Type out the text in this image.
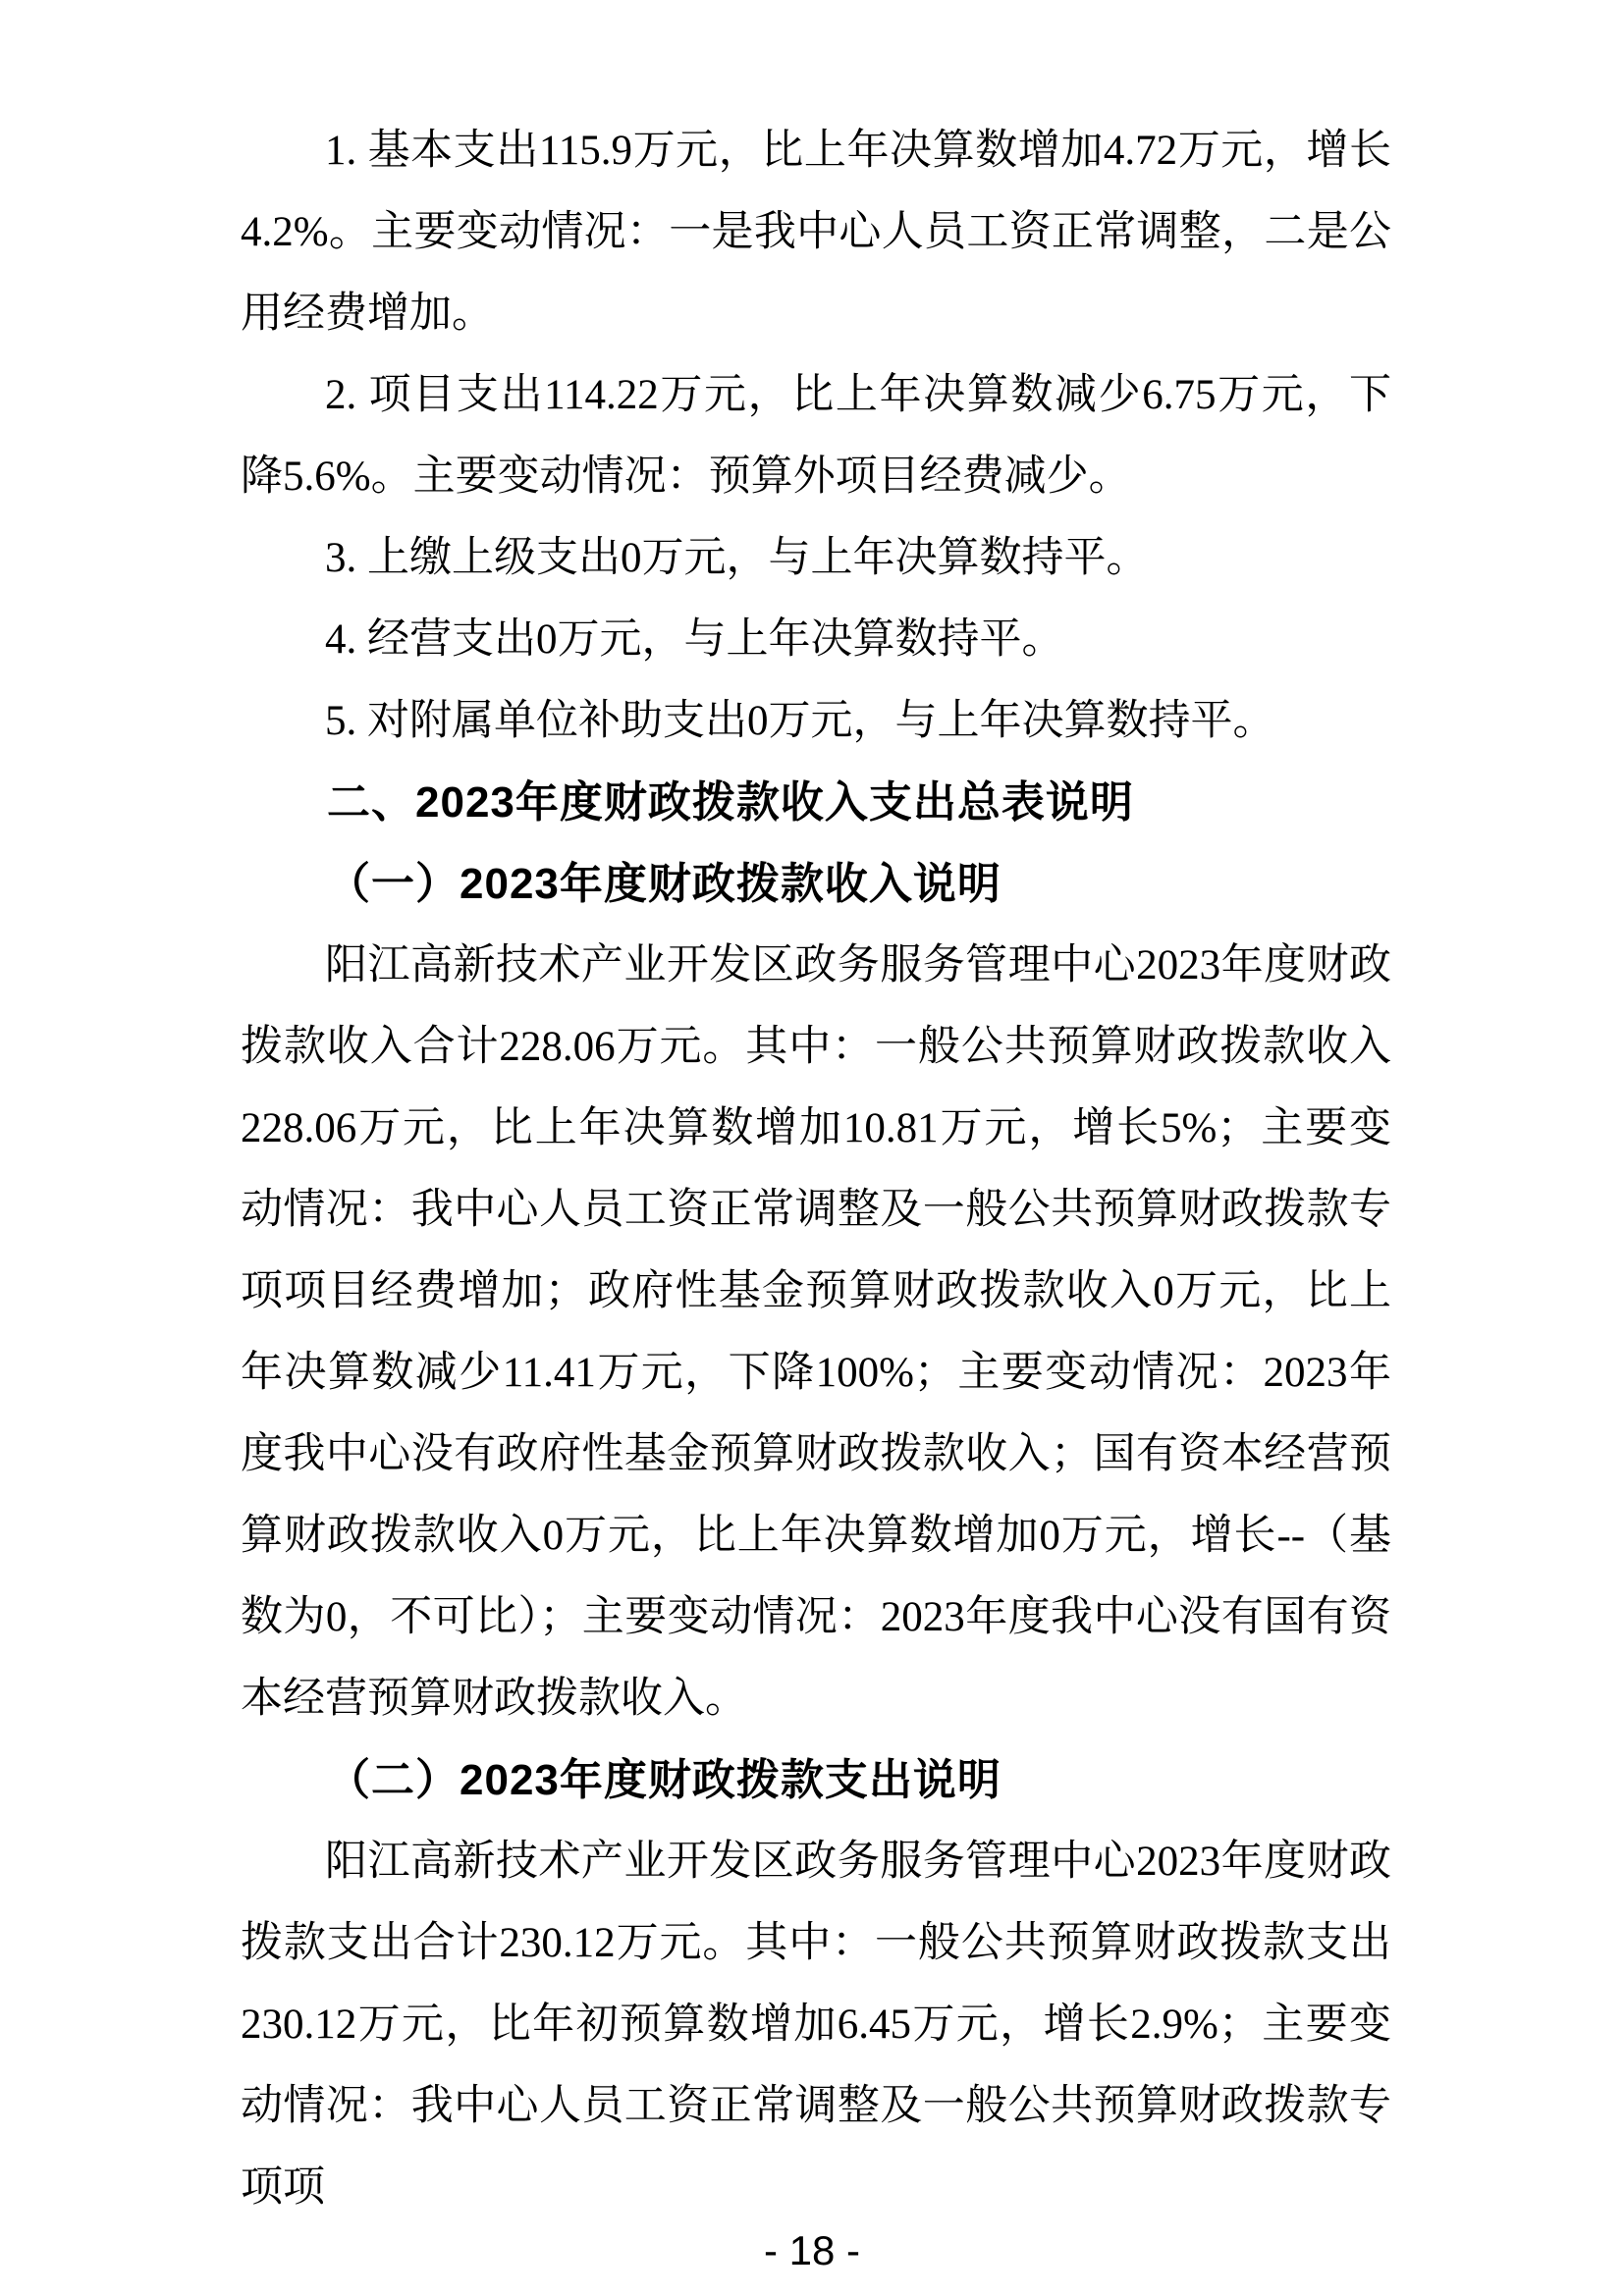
1. 基本支出115.9万元，比上年决算数增加4.72万元，增长4.2%。主要变动情况：一是我中心人员工资正常调整，二是公用经费增加。

2. 项目支出114.22万元，比上年决算数减少6.75万元，下降5.6%。主要变动情况：预算外项目经费减少。

3. 上缴上级支出0万元，与上年决算数持平。

4. 经营支出0万元，与上年决算数持平。

5. 对附属单位补助支出0万元，与上年决算数持平。

二、2023年度财政拨款收入支出总表说明

（一）2023年度财政拨款收入说明

阳江高新技术产业开发区政务服务管理中心2023年度财政拨款收入合计228.06万元。其中：一般公共预算财政拨款收入228.06万元，比上年决算数增加10.81万元，增长5%；主要变动情况：我中心人员工资正常调整及一般公共预算财政拨款专项项目经费增加；政府性基金预算财政拨款收入0万元，比上年决算数减少11.41万元，下降100%；主要变动情况：2023年度我中心没有政府性基金预算财政拨款收入；国有资本经营预算财政拨款收入0万元，比上年决算数增加0万元，增长--（基数为0，不可比）；主要变动情况：2023年度我中心没有国有资本经营预算财政拨款收入。

（二）2023年度财政拨款支出说明

阳江高新技术产业开发区政务服务管理中心2023年度财政拨款支出合计230.12万元。其中：一般公共预算财政拨款支出230.12万元，比年初预算数增加6.45万元，增长2.9%；主要变动情况：我中心人员工资正常调整及一般公共预算财政拨款专项项

- 18 -
